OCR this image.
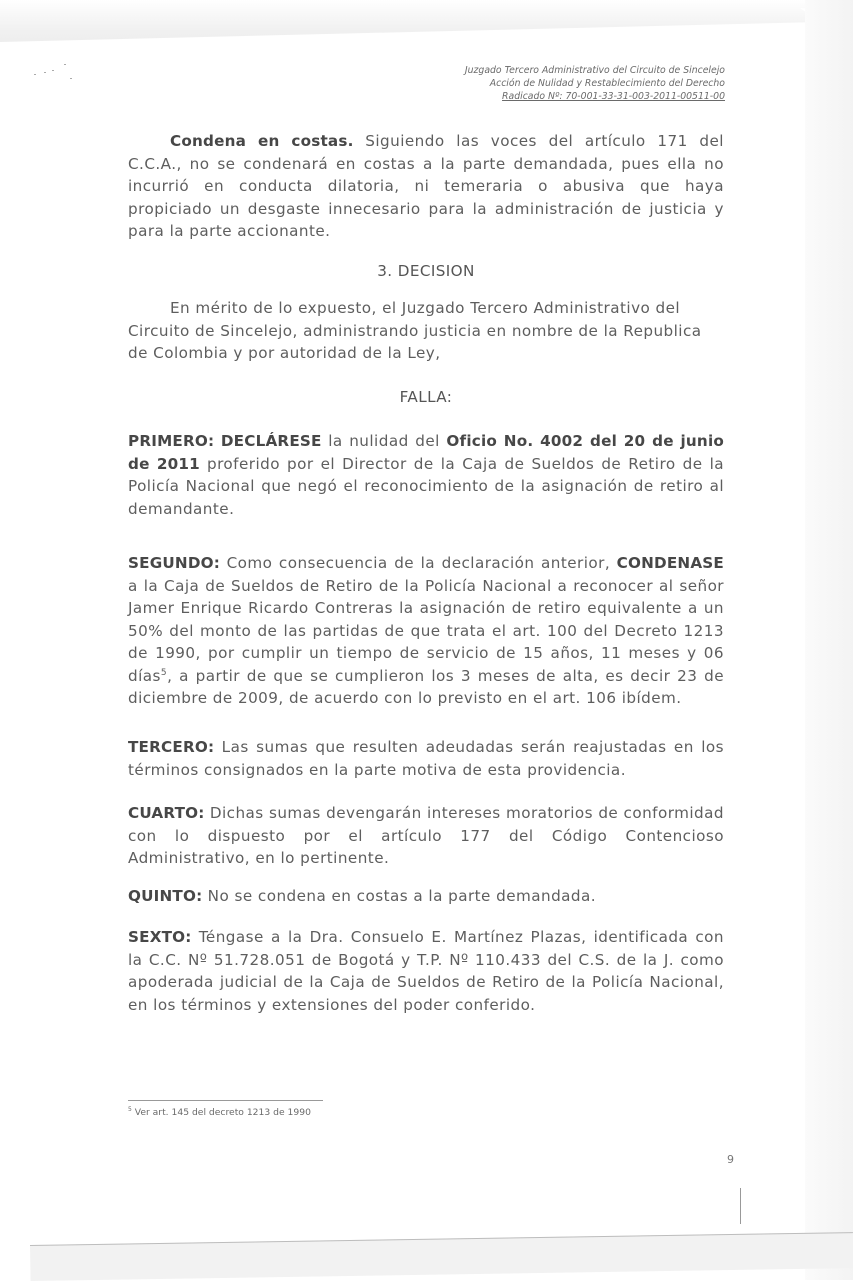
Juzgado Tercero Administrativo del Circuito de Sincelejo
Acción de Nulidad y Restablecimiento del Derecho
Radicado Nº: 70-001-33-31-003-2011-00511-00
Condena en costas. Siguiendo las voces del artículo 171 del C.C.A., no se condenará en costas a la parte demandada, pues ella no incurrió en conducta dilatoria, ni temeraria o abusiva que haya propiciado un desgaste innecesario para la administración de justicia y para la parte accionante.
3. DECISION
En mérito de lo expuesto, el Juzgado Tercero Administrativo del Circuito de Sincelejo, administrando justicia en nombre de la Republica de Colombia y por autoridad de la Ley,
FALLA:
PRIMERO: DECLÁRESE la nulidad del Oficio No. 4002 del 20 de junio de 2011 proferido por el Director de la Caja de Sueldos de Retiro de la Policía Nacional que negó el reconocimiento de la asignación de retiro al demandante.
SEGUNDO: Como consecuencia de la declaración anterior, CONDENASE a la Caja de Sueldos de Retiro de la Policía Nacional a reconocer al señor Jamer Enrique Ricardo Contreras la asignación de retiro equivalente a un 50% del monto de las partidas de que trata el art. 100 del Decreto 1213 de 1990, por cumplir un tiempo de servicio de 15 años, 11 meses y 06 días$^5$, a partir de que se cumplieron los 3 meses de alta, es decir 23 de diciembre de 2009, de acuerdo con lo previsto en el art. 106 ibídem.
TERCERO: Las sumas que resulten adeudadas serán reajustadas en los términos consignados en la parte motiva de esta providencia.
CUARTO: Dichas sumas devengarán intereses moratorios de conformidad con lo dispuesto por el artículo 177 del Código Contencioso Administrativo, en lo pertinente.
QUINTO: No se condena en costas a la parte demandada.
SEXTO: Téngase a la Dra. Consuelo E. Martínez Plazas, identificada con la C.C. Nº 51.728.051 de Bogotá y T.P. Nº 110.433 del C.S. de la J. como apoderada judicial de la Caja de Sueldos de Retiro de la Policía Nacional, en los términos y extensiones del poder conferido.
$^5$ Ver art. 145 del decreto 1213 de 1990
9
